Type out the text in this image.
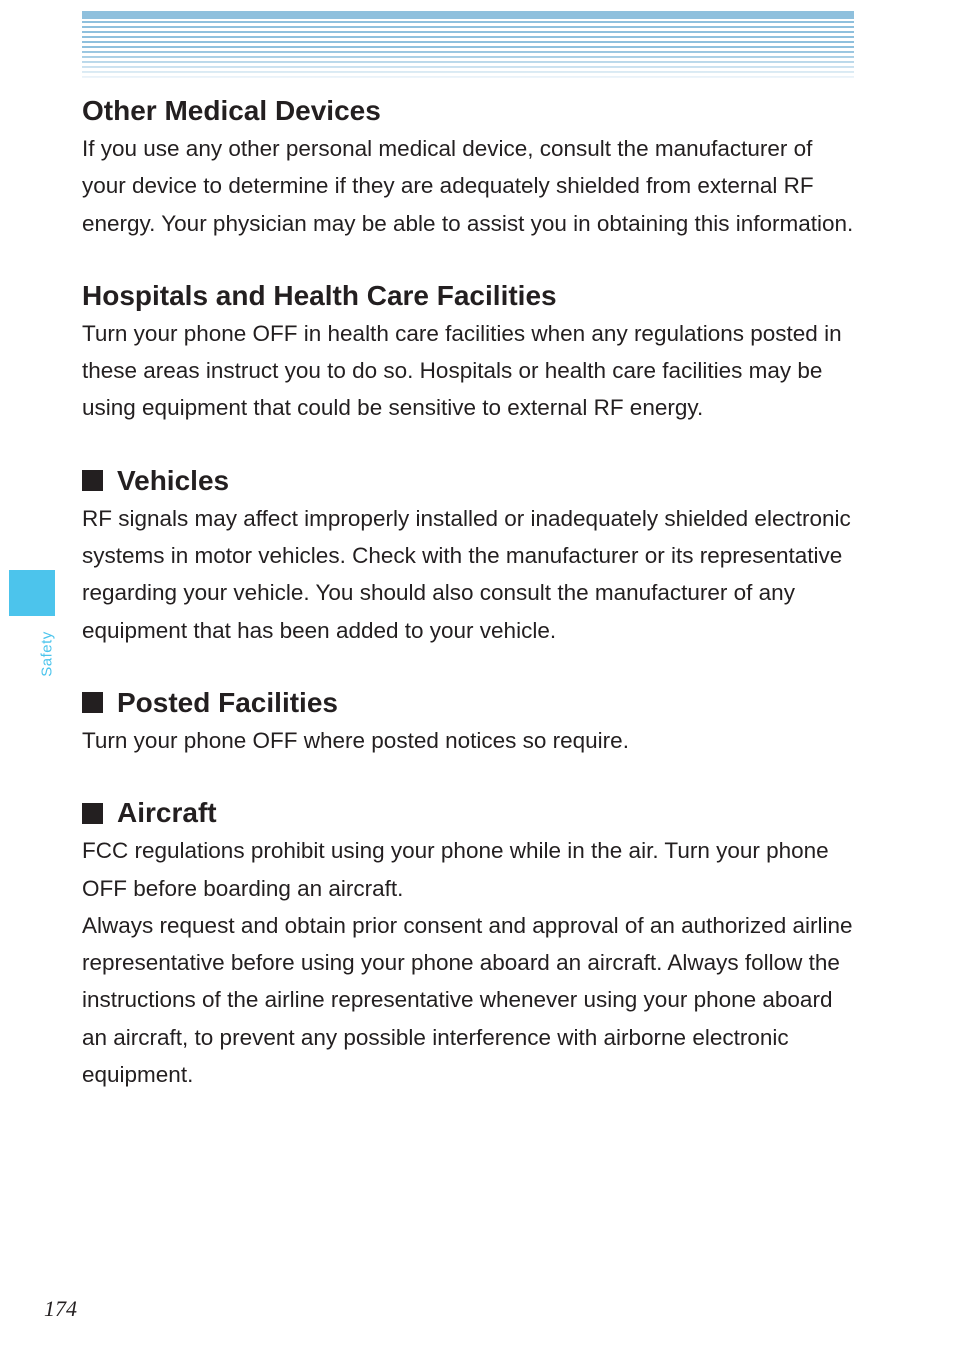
Safety
Other Medical Devices

If you use any other personal medical device, consult the manufacturer of your device to determine if they are adequately shielded from external RF energy. Your physician may be able to assist you in obtaining this information.

Hospitals and Health Care Facilities

Turn your phone OFF in health care facilities when any regulations posted in these areas instruct you to do so. Hospitals or health care facilities may be using equipment that could be sensitive to external RF energy.

Vehicles

RF signals may affect improperly installed or inadequately shielded electronic systems in motor vehicles. Check with the manufacturer or its representative regarding your vehicle. You should also consult the manufacturer of any equipment that has been added to your vehicle.

Posted Facilities

Turn your phone OFF where posted notices so require.

Aircraft

FCC regulations prohibit using your phone while in the air. Turn your phone OFF before boarding an aircraft.

Always request and obtain prior consent and approval of an authorized airline representative before using your phone aboard an aircraft. Always follow the instructions of the airline representative whenever using your phone aboard an aircraft, to prevent any possible interference with airborne electronic equipment.

174
